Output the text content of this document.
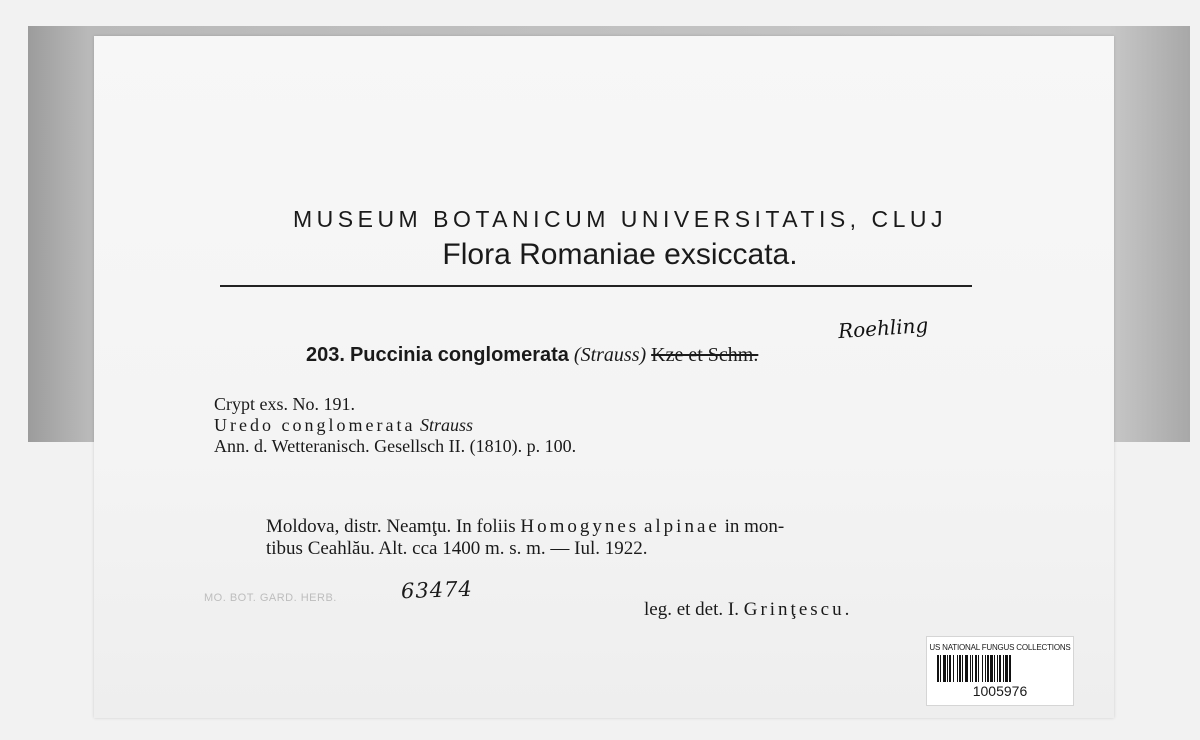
MUSEUM BOTANICUM UNIVERSITATIS, CLUJ
Flora Romaniae exsiccata.
Roehling
203. Puccinia conglomerata (Strauss) Kze et Schm.
Crypt exs. No. 191.
Uredo conglomerata Strauss
Ann. d. Wetteranisch. Gesellsch II. (1810). p. 100.
Moldova, distr. Neamţu. In foliis Homogynes alpinae in mon-
tibus Ceahlău. Alt. cca 1400 m. s. m. — Iul. 1922.
MO. BOT. GARD. HERB.	63474
leg. et det. I. Grinţescu.
US NATIONAL FUNGUS COLLECTIONS
1005976
